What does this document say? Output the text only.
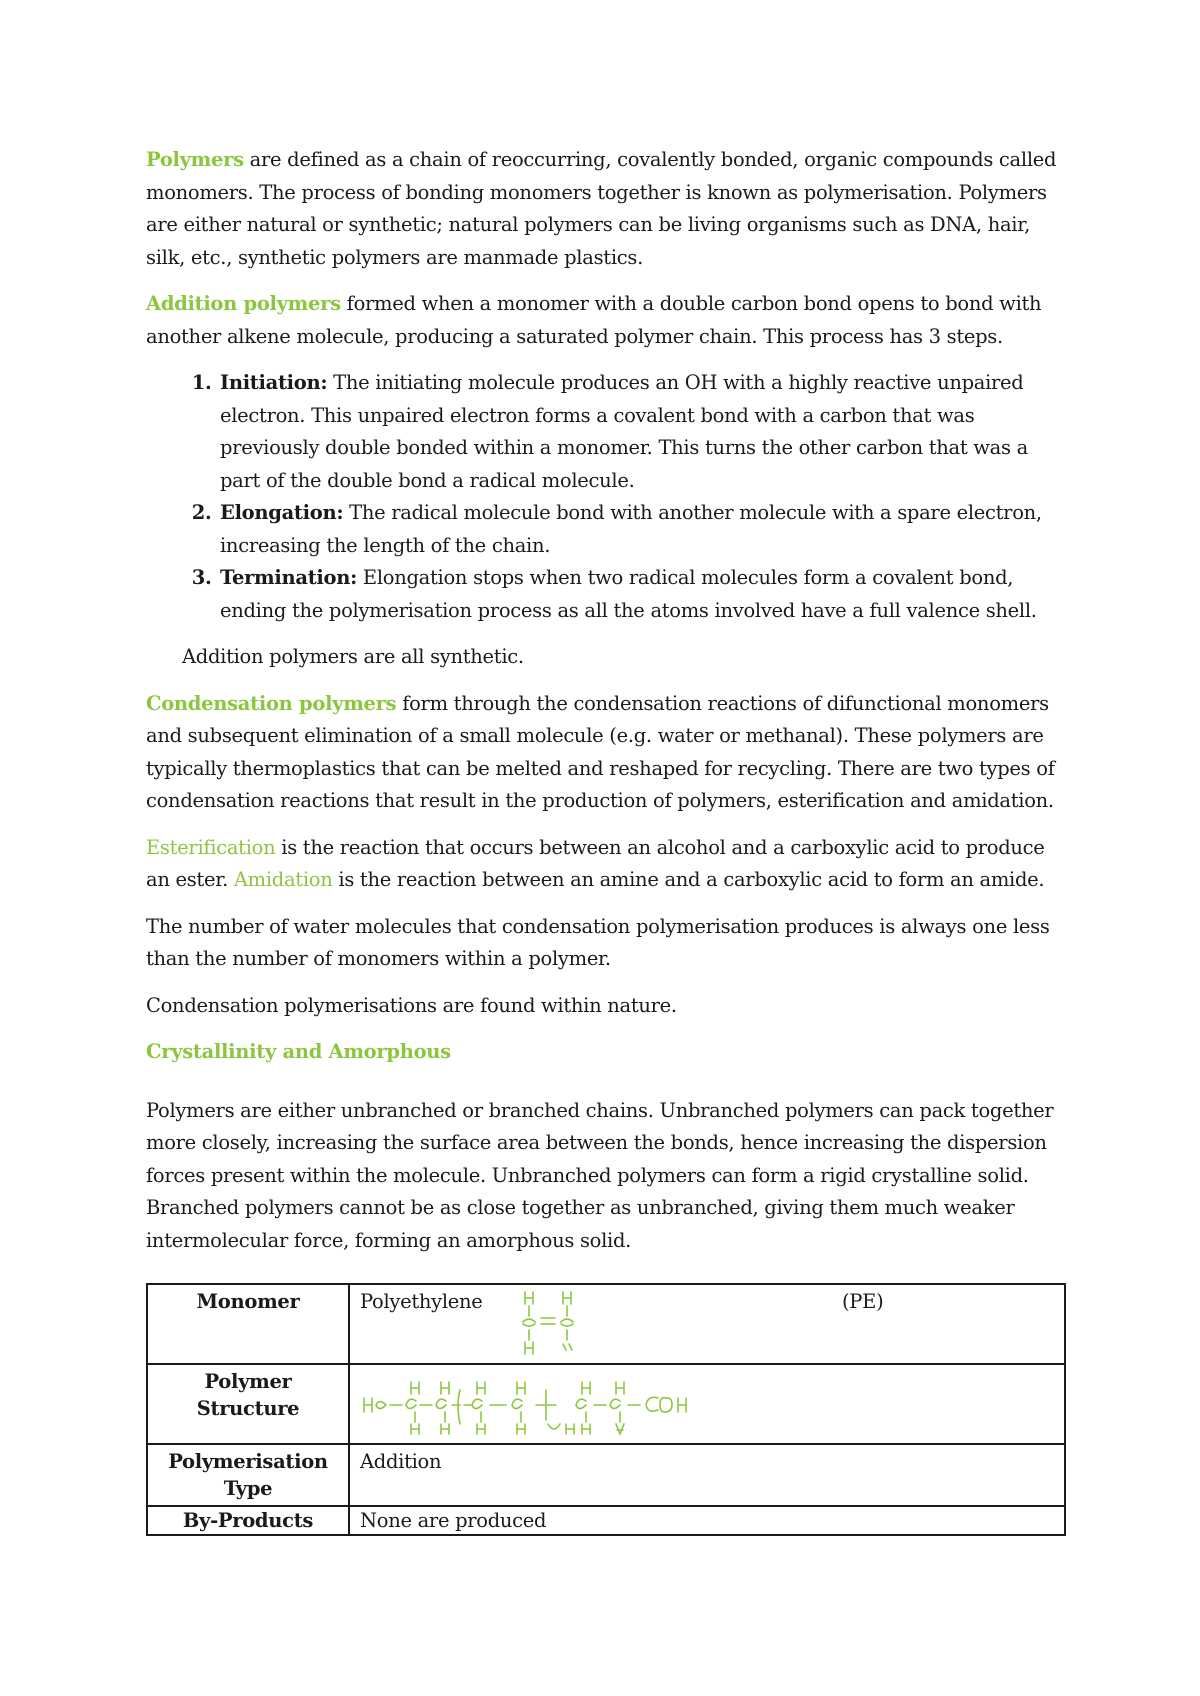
Polymers are defined as a chain of reoccurring, covalently bonded, organic compounds called monomers. The process of bonding monomers together is known as polymerisation. Polymers are either natural or synthetic; natural polymers can be living organisms such as DNA, hair, silk, etc., synthetic polymers are manmade plastics.

Addition polymers formed when a monomer with a double carbon bond opens to bond with another alkene molecule, producing a saturated polymer chain. This process has 3 steps.

1. Initiation: The initiating molecule produces an OH with a highly reactive unpaired electron. This unpaired electron forms a covalent bond with a carbon that was previously double bonded within a monomer. This turns the other carbon that was a part of the double bond a radical molecule.
2. Elongation: The radical molecule bond with another molecule with a spare electron, increasing the length of the chain.
3. Termination: Elongation stops when two radical molecules form a covalent bond, ending the polymerisation process as all the atoms involved have a full valence shell.

Addition polymers are all synthetic.

Condensation polymers form through the condensation reactions of difunctional monomers and subsequent elimination of a small molecule (e.g. water or methanal). These polymers are typically thermoplastics that can be melted and reshaped for recycling. There are two types of condensation reactions that result in the production of polymers, esterification and amidation.

Esterification is the reaction that occurs between an alcohol and a carboxylic acid to produce an ester. Amidation is the reaction between an amine and a carboxylic acid to form an amide.

The number of water molecules that condensation polymerisation produces is always one less than the number of monomers within a polymer.

Condensation polymerisations are found within nature.

Crystallinity and Amorphous

Polymers are either unbranched or branched chains. Unbranched polymers can pack together more closely, increasing the surface area between the bonds, hence increasing the dispersion forces present within the molecule. Unbranched polymers can form a rigid crystalline solid. Branched polymers cannot be as close together as unbranched, giving them much weaker intermolecular force, forming an amorphous solid.

Monomer	Polyethylene (PE)

Polymer
Structure	

Polymerisation
Type	Addition
By-Products	None are produced
